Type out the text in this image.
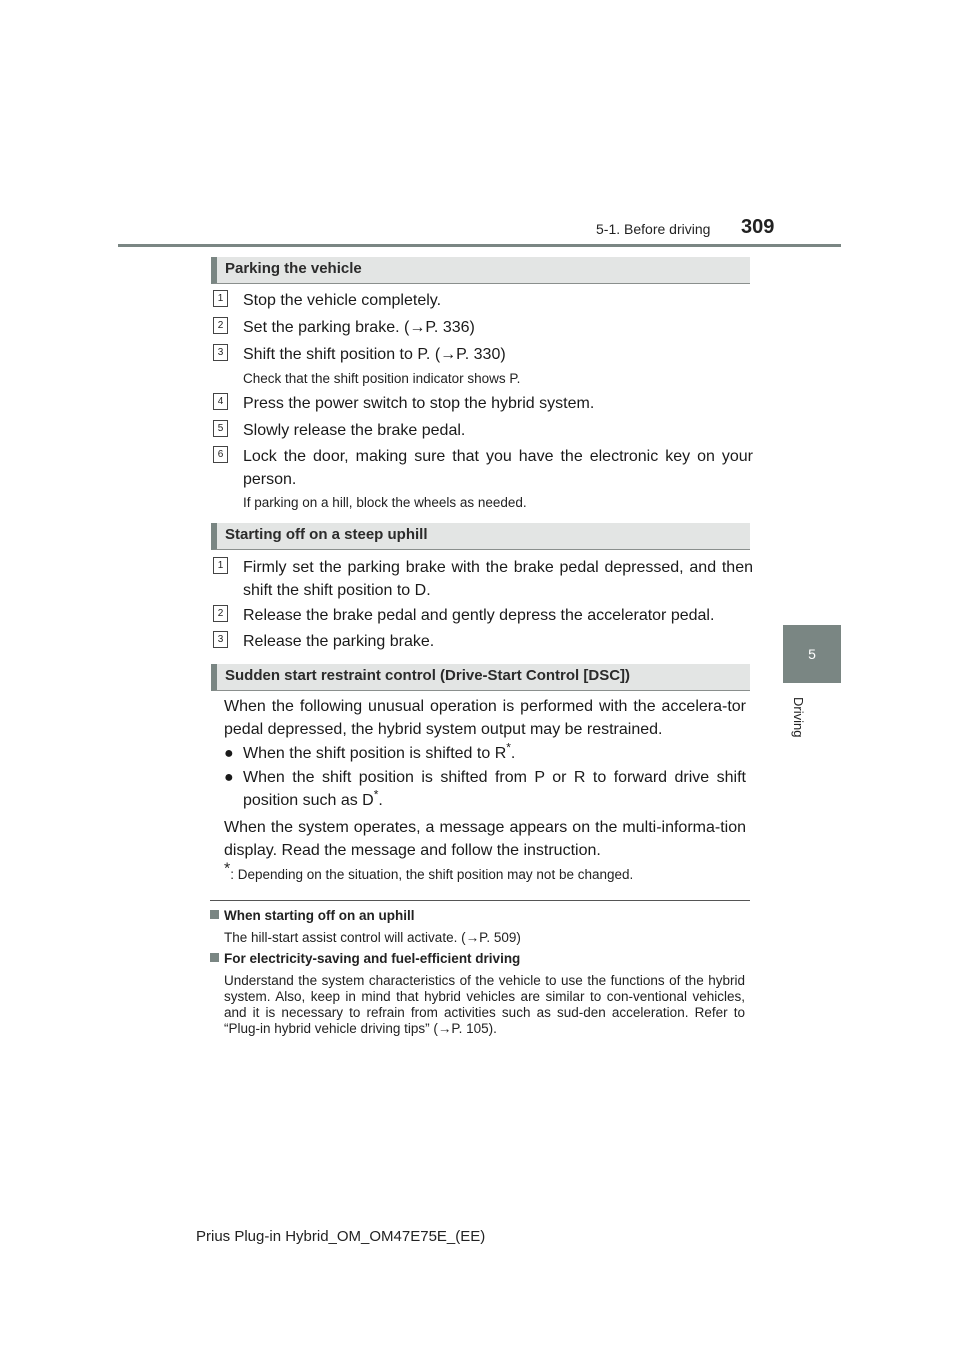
5-1. Before driving 309
5
Driving
Parking the vehicle
1 Stop the vehicle completely.
2 Set the parking brake. (→P. 336)
3 Shift the shift position to P. (→P. 330)
Check that the shift position indicator shows P.
4 Press the power switch to stop the hybrid system.
5 Slowly release the brake pedal.
6 Lock the door, making sure that you have the electronic key on your person.
If parking on a hill, block the wheels as needed.
Starting off on a steep uphill
1 Firmly set the parking brake with the brake pedal depressed, and then shift the shift position to D.
2 Release the brake pedal and gently depress the accelerator pedal.
3 Release the parking brake.
Sudden start restraint control (Drive-Start Control [DSC])
When the following unusual operation is performed with the accelera-tor pedal depressed, the hybrid system output may be restrained.
● When the shift position is shifted to R*.
● When the shift position is shifted from P or R to forward drive shift position such as D*.
When the system operates, a message appears on the multi-informa-tion display. Read the message and follow the instruction.
*: Depending on the situation, the shift position may not be changed.
When starting off on an uphill
The hill-start assist control will activate. (→P. 509)
For electricity-saving and fuel-efficient driving
Understand the system characteristics of the vehicle to use the functions of the hybrid system. Also, keep in mind that hybrid vehicles are similar to con-ventional vehicles, and it is necessary to refrain from activities such as sud-den acceleration. Refer to “Plug-in hybrid vehicle driving tips” (→P. 105).
Prius Plug-in Hybrid_OM_OM47E75E_(EE)
